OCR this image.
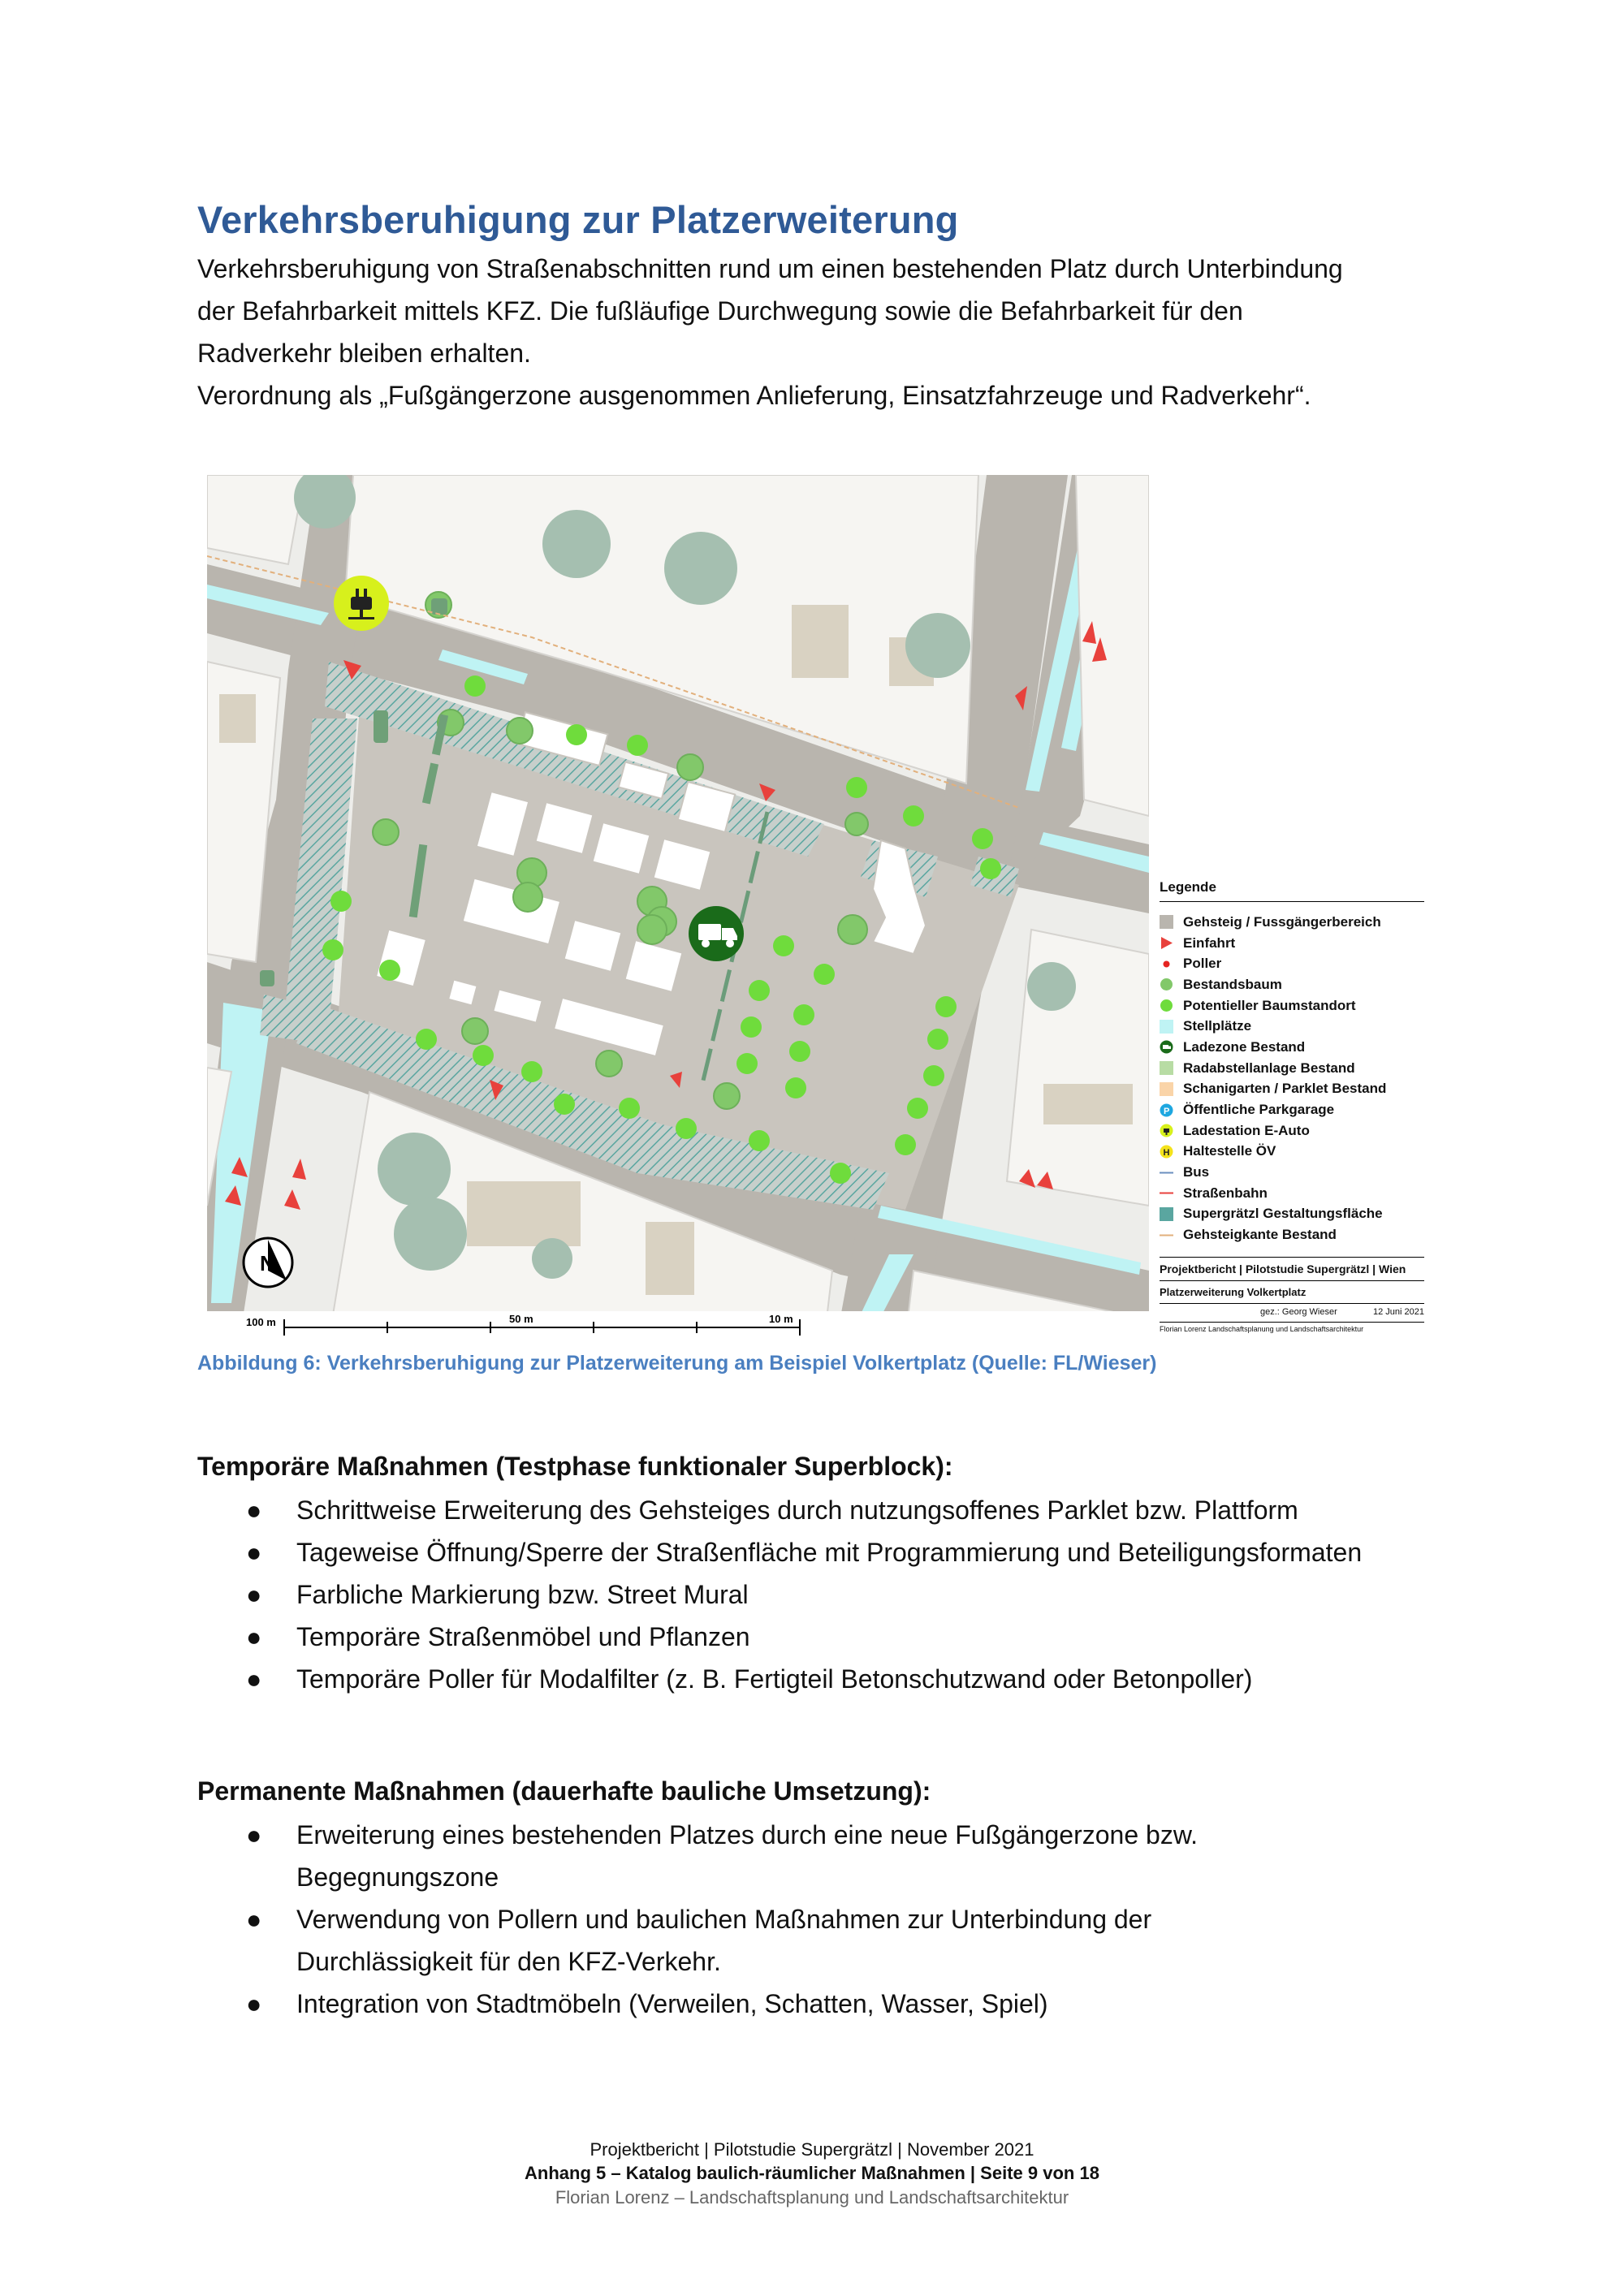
Verkehrsberuhigung zur Platzerweiterung

Verkehrsberuhigung von Straßenabschnitten rund um einen bestehenden Platz durch Unterbindung

der Befahrbarkeit mittels KFZ. Die fußläufige Durchwegung sowie die Befahrbarkeit für den

Radverkehr bleiben erhalten.

Verordnung als „Fußgängerzone ausgenommen Anlieferung, Einsatzfahrzeuge und Radverkehr“.

N
100 m	50 m	10 m
Legende
Gehsteig / Fussgängerbereich
Einfahrt
Poller
Bestandsbaum
Potentieller Baumstandort
Stellplätze
Ladezone Bestand
Radabstellanlage Bestand
Schanigarten / Parklet Bestand
P Öffentliche Parkgarage
Ladestation E-Auto
H Haltestelle ÖV
Bus
Straßenbahn
Supergrätzl Gestaltungsfläche
Gehsteigkante Bestand
Projektbericht | Pilotstudie Supergrätzl | Wien
Platzerweiterung Volkertplatz
gez.: Georg Wieser	12 Juni 2021
Florian Lorenz Landschaftsplanung und Landschaftsarchitektur
Abbildung 6: Verkehrsberuhigung zur Platzerweiterung am Beispiel Volkertplatz (Quelle: FL/Wieser)
Temporäre Maßnahmen (Testphase funktionaler Superblock):
● Schrittweise Erweiterung des Gehsteiges durch nutzungsoffenes Parklet bzw. Plattform
● Tageweise Öffnung/Sperre der Straßenfläche mit Programmierung und Beteiligungsformaten
● Farbliche Markierung bzw. Street Mural
● Temporäre Straßenmöbel und Pflanzen
● Temporäre Poller für Modalfilter (z. B. Fertigteil Betonschutzwand oder Betonpoller)
Permanente Maßnahmen (dauerhafte bauliche Umsetzung):
● Erweiterung eines bestehenden Platzes durch eine neue Fußgängerzone bzw. Begegnungszone
● Verwendung von Pollern und baulichen Maßnahmen zur Unterbindung der Durchlässigkeit für den KFZ-Verkehr.
● Integration von Stadtmöbeln (Verweilen, Schatten, Wasser, Spiel)
Projektbericht | Pilotstudie Supergrätzl | November 2021
Anhang 5 – Katalog baulich-räumlicher Maßnahmen | Seite 9 von 18
Florian Lorenz – Landschaftsplanung und Landschaftsarchitektur
